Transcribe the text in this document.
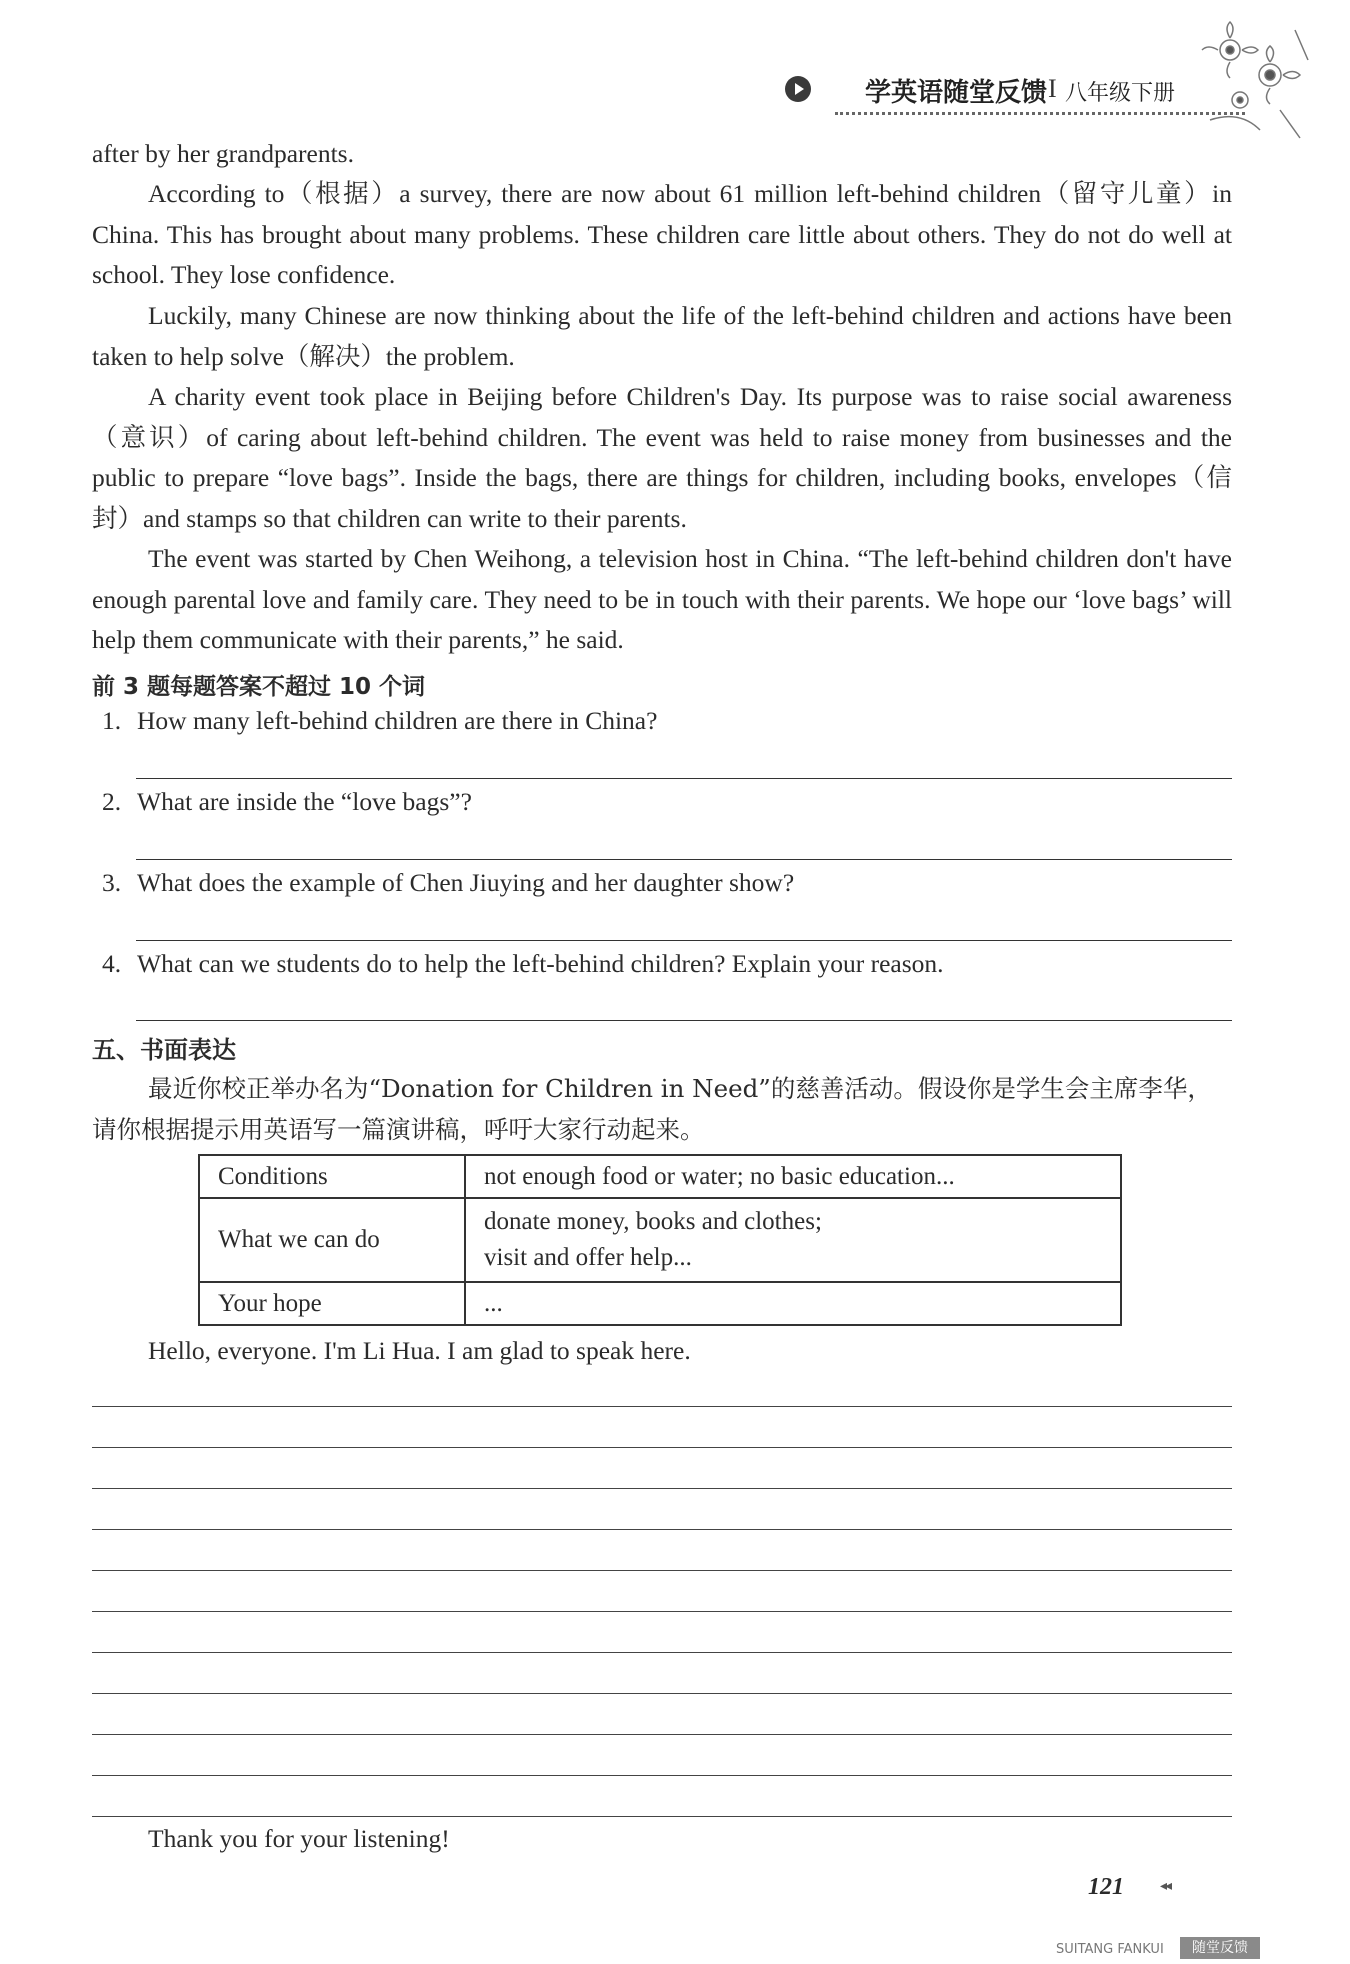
学英语随堂反馈 I 八年级下册

after by her grandparents.

According to（根据）a survey, there are now about 61 million left-behind children（留守儿童）in China. This has brought about many problems. These children care little about others. They do not do well at school. They lose confidence.

Luckily, many Chinese are now thinking about the life of the left-behind children and actions have been taken to help solve（解决）the problem.

A charity event took place in Beijing before Children's Day. Its purpose was to raise social awareness（意识）of caring about left-behind children. The event was held to raise money from businesses and the public to prepare “love bags”. Inside the bags, there are things for children, including books, envelopes（信封）and stamps so that children can write to their parents.

The event was started by Chen Weihong, a television host in China. “The left-behind children don't have enough parental love and family care. They need to be in touch with their parents. We hope our ‘love bags’ will help them communicate with their parents,” he said.

前 3 题每题答案不超过 10 个词
1. How many left-behind children are there in China?
2. What are inside the “love bags”?
3. What does the example of Chen Jiuying and her daughter show?
4. What can we students do to help the left-behind children? Explain your reason.
五、书面表达

最近你校正举办名为“Donation for Children in Need”的慈善活动。假设你是学生会主席李华，请你根据提示用英语写一篇演讲稿，呼吁大家行动起来。

Conditions	not enough food or water; no basic education...
What we can do	donate money, books and clothes;
visit and offer help...

Your hope	...
Hello, everyone. I'm Li Hua. I am glad to speak here.
Thank you for your listening!
121	◂◂
SUITANG FANKUI	随堂反馈
